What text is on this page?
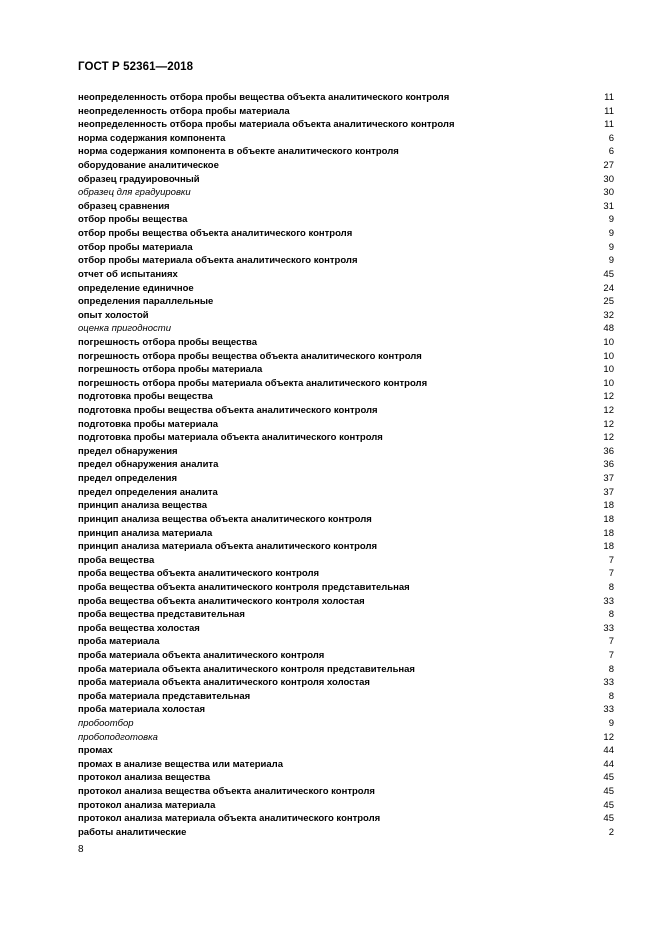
ГОСТ Р 52361—2018
неопределенность отбора пробы вещества объекта аналитического контроля	11
неопределенность отбора пробы материала	11
неопределенность отбора пробы материала объекта аналитического контроля	11
норма содержания компонента	6
норма содержания компонента в объекте аналитического контроля	6
оборудование аналитическое	27
образец градуировочный	30
образец для градуировки	30
образец сравнения	31
отбор пробы вещества	9
отбор пробы вещества объекта аналитического контроля	9
отбор пробы материала	9
отбор пробы материала объекта аналитического контроля	9
отчет об испытаниях	45
определение единичное	24
определения параллельные	25
опыт холостой	32
оценка пригодности	48
погрешность отбора пробы вещества	10
погрешность отбора пробы вещества объекта аналитического контроля	10
погрешность отбора пробы материала	10
погрешность отбора пробы материала объекта аналитического контроля	10
подготовка пробы вещества	12
подготовка пробы вещества объекта аналитического контроля	12
подготовка пробы материала	12
подготовка пробы материала объекта аналитического контроля	12
предел обнаружения	36
предел обнаружения аналита	36
предел определения	37
предел определения аналита	37
принцип анализа вещества	18
принцип анализа вещества объекта аналитического контроля	18
принцип анализа материала	18
принцип анализа материала объекта аналитического контроля	18
проба вещества	7
проба вещества объекта аналитического контроля	7
проба вещества объекта аналитического контроля представительная	8
проба вещества объекта аналитического контроля холостая	33
проба вещества представительная	8
проба вещества холостая	33
проба материала	7
проба материала объекта аналитического контроля	7
проба материала объекта аналитического контроля представительная	8
проба материала объекта аналитического контроля холостая	33
проба материала представительная	8
проба материала холостая	33
пробоотбор	9
пробоподготовка	12
промах	44
промах в анализе вещества или материала	44
протокол анализа вещества	45
протокол анализа вещества объекта аналитического контроля	45
протокол анализа материала	45
протокол анализа материала объекта аналитического контроля	45
работы аналитические	2
8
